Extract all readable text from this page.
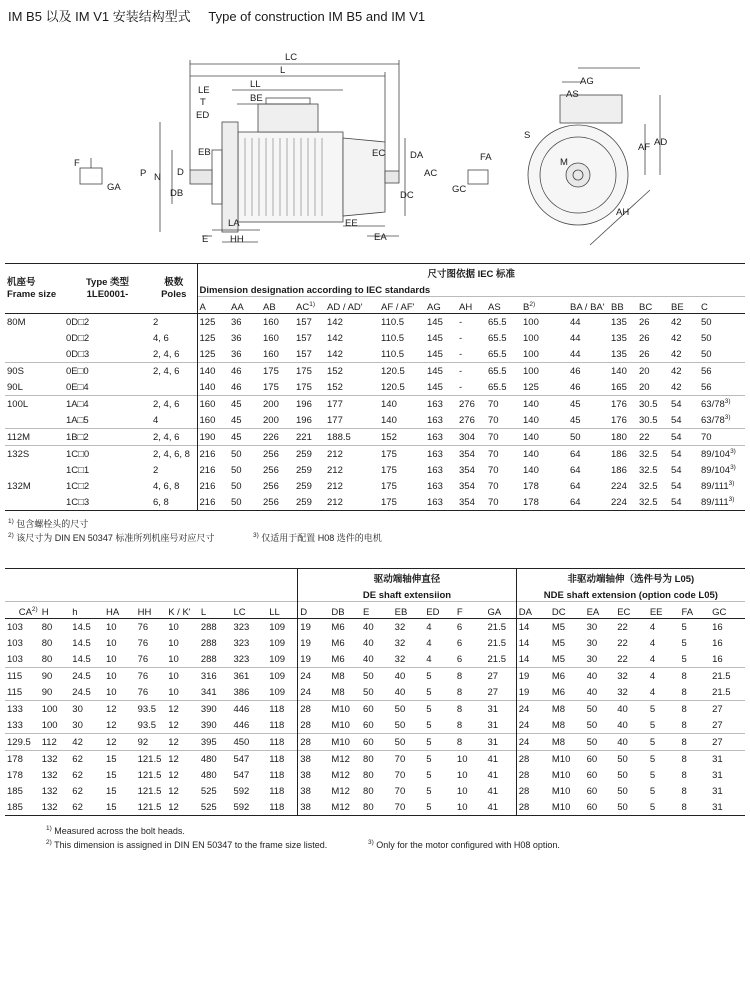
IM B5 以及 IM V1 安装结构型式 Type of construction IM B5 and IM V1
LC
L
LL
LE
BE
T
ED
EB
D
N
P
DB
LA
E HH
EC	DA
AC
DC
EE
EA
F
GA
FA
GC
AG
AS
AF AD
S
M
AH
机座号
Frame size	Type 类型
1LE0001-	极数
Poles	尺寸图依据 IEC 标准														
			Dimension designation according to IEC standards														
			A	AA	AB	AC$^{1)}$	AD / AD'	AF / AF'	AG	AH	AS	$B^{2)}$	BA / BA'	BB	BC	BE	C
80M	0D□2	2	125	36	160	157	142	110.5	145	-	65.5	100	44	135	26	42	50
	0D□2	4, 6	125	36	160	157	142	110.5	145	-	65.5	100	44	135	26	42	50
	0D□3	2, 4, 6	125	36	160	157	142	110.5	145	-	65.5	100	44	135	26	42	50
90S	0E□0	2, 4, 6	140	46	175	175	152	120.5	145	-	65.5	100	46	140	20	42	56
90L	0E□4		140	46	175	175	152	120.5	145	-	65.5	125	46	165	20	42	56
100L	1A□4	2, 4, 6	160	45	200	196	177	140	163	276	70	140	45	176	30.5	54	63/78$^{3)}$
	1A□5	4	160	45	200	196	177	140	163	276	70	140	45	176	30.5	54	63/78$^{3)}$
112M	1B□2	2, 4, 6	190	45	226	221	188.5	152	163	304	70	140	50	180	22	54	70
132S	1C□0	2, 4, 6, 8	216	50	256	259	212	175	163	354	70	140	64	186	32.5	54	89/104$^{3)}$
	1C□1	2	216	50	256	259	212	175	163	354	70	140	64	186	32.5	54	89/104$^{3)}$
132M	1C□2	4, 6, 8	216	50	256	259	212	175	163	354	70	178	64	224	32.5	54	89/111$^{3)}$
	1C□3	6, 8	216	50	256	259	212	175	163	354	70	178	64	224	32.5	54	89/111$^{3)}$
$^{1)}$ 包含螺栓头的尺寸
$^{2)}$ 该尺寸为 DIN EN 50347 标准所列机座号对应尺寸	$^{3)}$ 仅适用于配置 H08 选件的电机
									驱动端轴伸直径							非驱动端轴伸（选件号为 L05)						
									DE shaft extensiion							NDE shaft extension (option code L05)						
CA$^{2)}$	H	h	HA	HH	K / K'	L	LC	LL	D	DB	E	EB	ED	F	GA	DA	DC	EA	EC	EE	FA	GC
103	80	14.5	10	76	10	288	323	109	19	M6	40	32	4	6	21.5	14	M5	30	22	4	5	16
103	80	14.5	10	76	10	288	323	109	19	M6	40	32	4	6	21.5	14	M5	30	22	4	5	16
103	80	14.5	10	76	10	288	323	109	19	M6	40	32	4	6	21.5	14	M5	30	22	4	5	16
115	90	24.5	10	76	10	316	361	109	24	M8	50	40	5	8	27	19	M6	40	32	4	8	21.5
115	90	24.5	10	76	10	341	386	109	24	M8	50	40	5	8	27	19	M6	40	32	4	8	21.5
133	100	30	12	93.5	12	390	446	118	28	M10	60	50	5	8	31	24	M8	50	40	5	8	27
133	100	30	12	93.5	12	390	446	118	28	M10	60	50	5	8	31	24	M8	50	40	5	8	27
129.5	112	42	12	92	12	395	450	118	28	M10	60	50	5	8	31	24	M8	50	40	5	8	27
178	132	62	15	121.5	12	480	547	118	38	M12	80	70	5	10	41	28	M10	60	50	5	8	31
178	132	62	15	121.5	12	480	547	118	38	M12	80	70	5	10	41	28	M10	60	50	5	8	31
185	132	62	15	121.5	12	525	592	118	38	M12	80	70	5	10	41	28	M10	60	50	5	8	31
185	132	62	15	121.5	12	525	592	118	38	M12	80	70	5	10	41	28	M10	60	50	5	8	31
$^{1)}$ Measured across the bolt heads.
$^{2)}$ This dimension is assigned in DIN EN 50347 to the frame size listed.	$^{3)}$ Only for the motor configured with H08 option.
